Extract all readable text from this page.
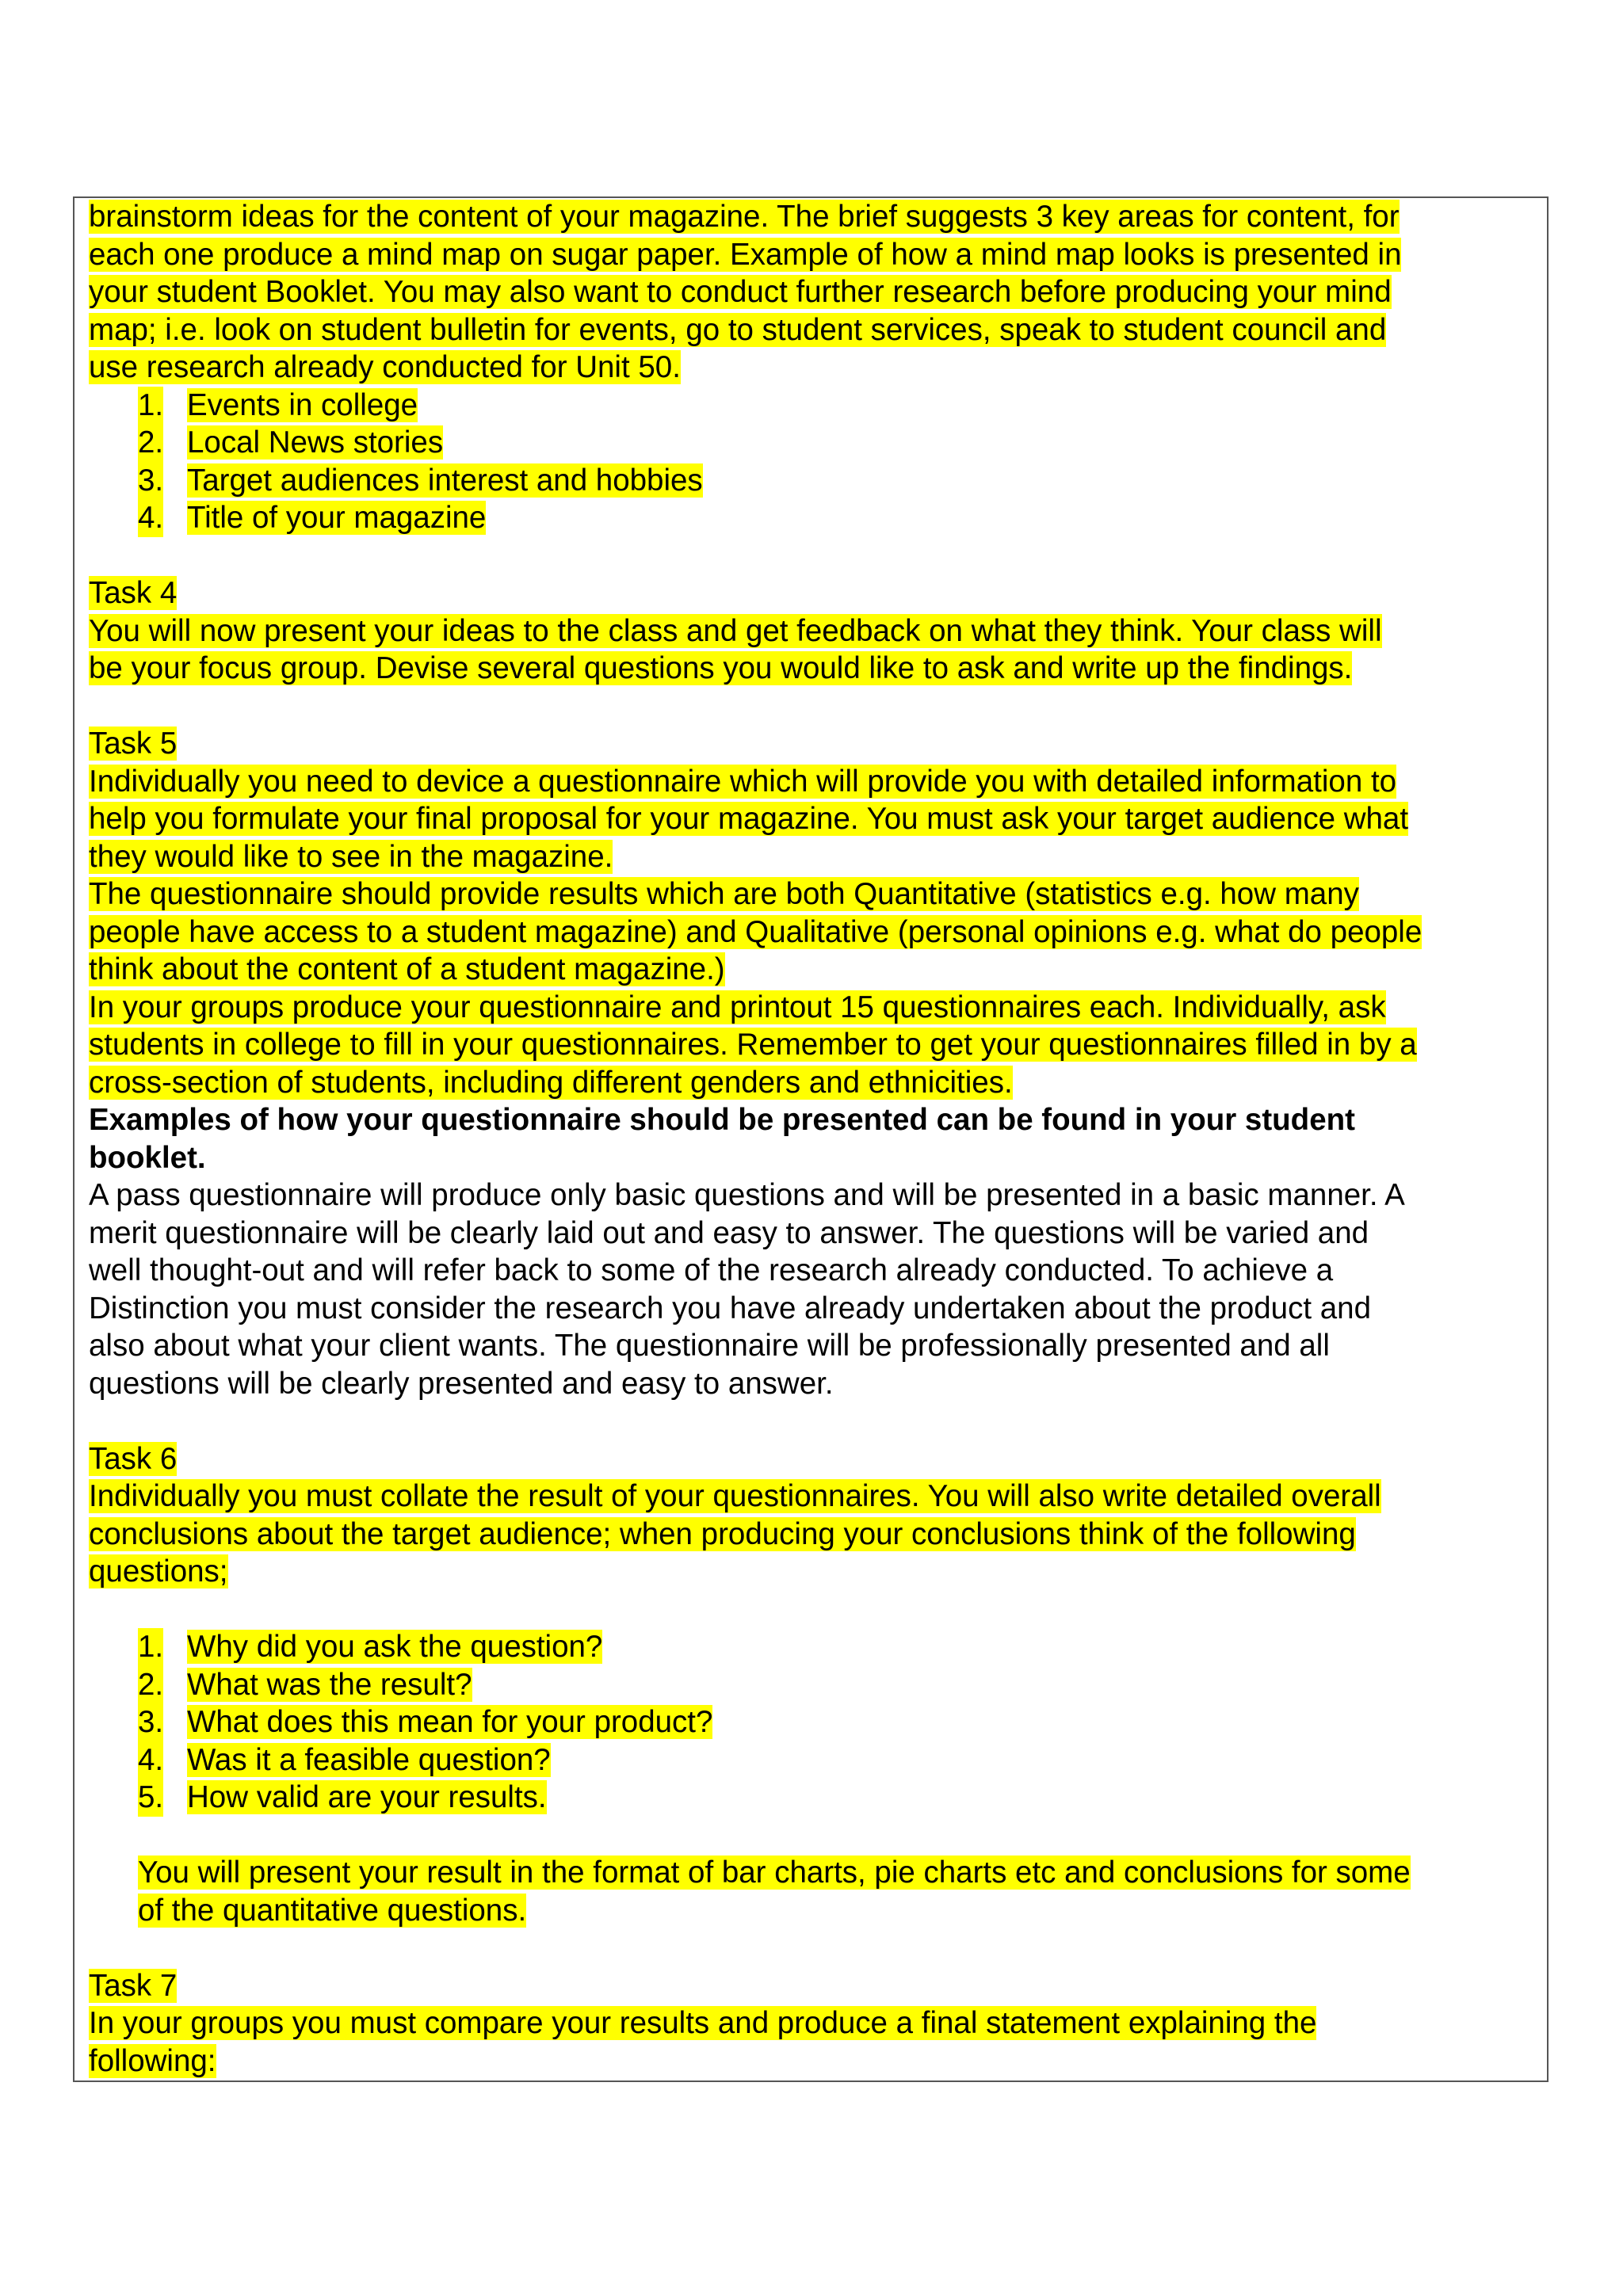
brainstorm ideas for the content of your magazine. The brief suggests 3 key areas for content, for

each one produce a mind map on sugar paper. Example of how a mind map looks is presented in

your student Booklet. You may also want to conduct further research before producing your mind

map; i.e. look on student bulletin for events, go to student services, speak to student council and

use research already conducted for Unit 50.

1. Events in college

2. Local News stories

3. Target audiences interest and hobbies

4. Title of your magazine

Task 4

You will now present your ideas to the class and get feedback on what they think. Your class will

be your focus group. Devise several questions you would like to ask and write up the findings.

Task 5

Individually you need to device a questionnaire which will provide you with detailed information to

help you formulate your final proposal for your magazine. You must ask your target audience what

they would like to see in the magazine.

The questionnaire should provide results which are both Quantitative (statistics e.g. how many

people have access to a student magazine) and Qualitative (personal opinions e.g. what do people

think about the content of a student magazine.)

In your groups produce your questionnaire and printout 15 questionnaires each. Individually, ask

students in college to fill in your questionnaires. Remember to get your questionnaires filled in by a

cross-section of students, including different genders and ethnicities.

Examples of how your questionnaire should be presented can be found in your student

booklet.

A pass questionnaire will produce only basic questions and will be presented in a basic manner. A

merit questionnaire will be clearly laid out and easy to answer. The questions will be varied and

well thought-out and will refer back to some of the research already conducted. To achieve a

Distinction you must consider the research you have already undertaken about the product and

also about what your client wants. The questionnaire will be professionally presented and all

questions will be clearly presented and easy to answer.

Task 6

Individually you must collate the result of your questionnaires. You will also write detailed overall

conclusions about the target audience; when producing your conclusions think of the following

questions;

1. Why did you ask the question?

2. What was the result?

3. What does this mean for your product?

4. Was it a feasible question?

5. How valid are your results.

You will present your result in the format of bar charts, pie charts etc and conclusions for some

of the quantitative questions.

Task 7

In your groups you must compare your results and produce a final statement explaining the

following:
